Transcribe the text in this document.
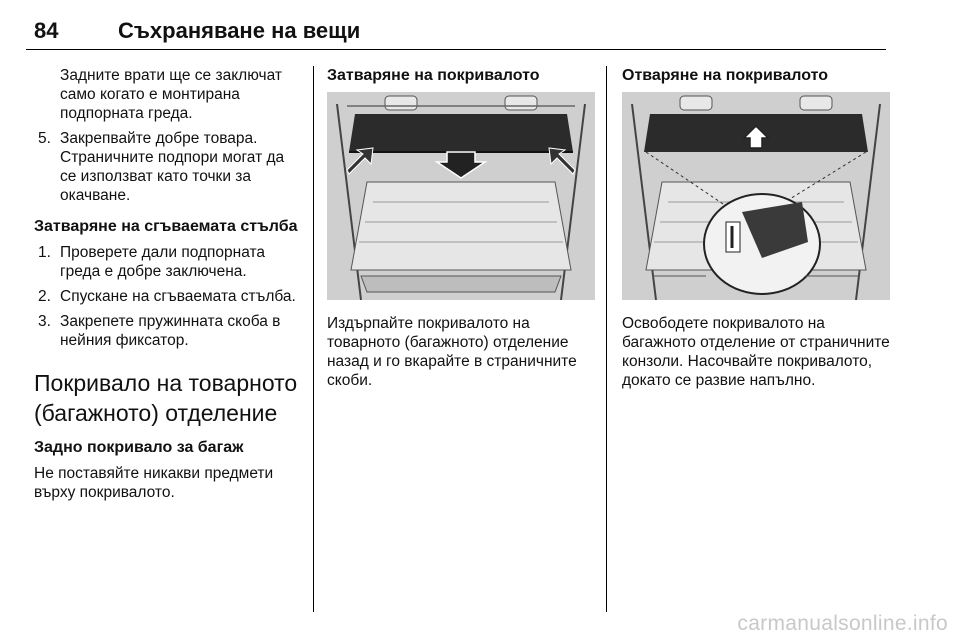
84	Съхраняване на вещи

Задните врати ще се заключат само когато е монтирана подпорната греда.

5. Закрепвайте добре товара. Страничните подпори могат да се използват като точки за окачване.

Затваряне на сгъваемата стълба

1. Проверете дали подпорната греда е добре заключена.
2. Спускане на сгъваемата стълба.
3. Закрепете пружинната скоба в нейния фиксатор.

Покривало на товарното (багажното) отделение

Задно покривало за багаж

Не поставяйте никакви предмети върху покривалото.

Затваряне на покривалото

Издърпайте покривалото на товарното (багажното) отделение назад и го вкарайте в страничните скоби.

Отваряне на покривалото

Освободете покривалото на багажното отделение от страничните конзоли. Насочвайте покривалото, докато се развие напълно.

carmanualsonline.info
